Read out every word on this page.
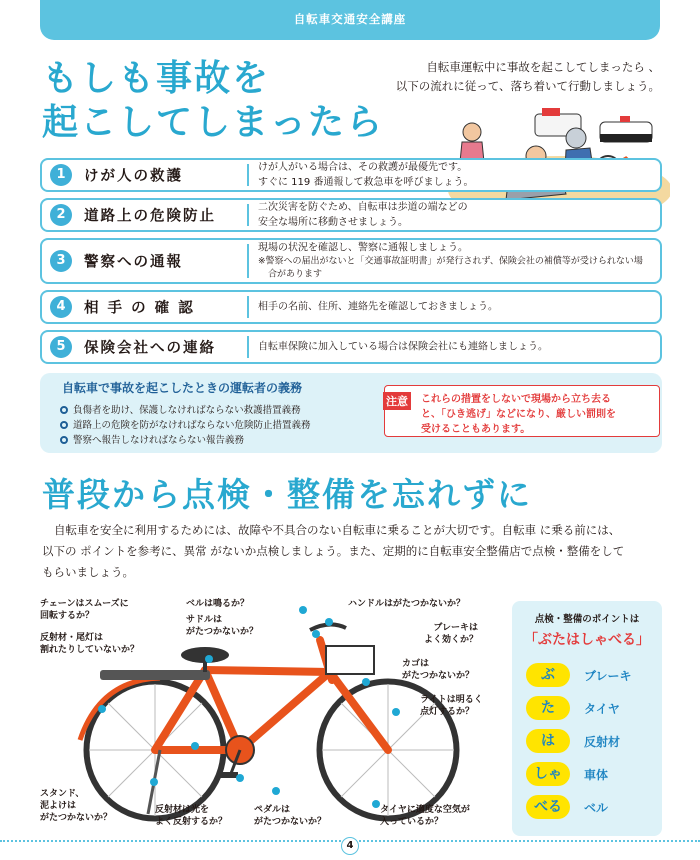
自転車交通安全講座
もしも事故を
起こしてしまったら
自転車運転中に事故を起こしてしまったら 、
以下の流れに従って、落ち着いて行動しましょう。
1	けが人の救護
けが人がいる場合は、その救護が最優先です。
すぐに 119 番通報して救急車を呼びましょう。
2	道路上の危険防止
二次災害を防ぐため、自転車は歩道の端などの
安全な場所に移動させましょう。
3	警察への通報
現場の状況を確認し、警察に通報しましょう。
※警察への届出がないと「交通事故証明書」が発行されず、保険会社の補償等が受けられない場
合があります
4	相 手 の 確 認	相手の名前、住所、連絡先を確認しておきましょう。
5	保険会社への連絡	自転車保険に加入している場合は保険会社にも連絡しましょう。
自転車で事故を起こしたときの運転者の義務
負傷者を助け、保護しなければならない救護措置義務
道路上の危険を防がなければならない危険防止措置義務
警察へ報告しなければならない報告義務
注意	これらの措置をしないで現場から立ち去る
と、「ひき逃げ」などになり、厳しい罰則を
受けることもあります。
普段から点検・整備を忘れずに
自転車を安全に利用するためには、故障や不具合のない自転車に乗ることが大切です。自転車 に乗る前には、
以下の ポイントを参考に、異常 がないか点検しましょう。また、定期的に自転車安全整備店で点検・整備をして
もらいましょう。
チェーンはスムーズに
回転するか？
反射材・尾灯は
割れたりしていないか？
ベルは鳴るか？
サドルは
がたつかないか？
ハンドルはがたつかないか？
ブレーキは
よく効くか？
カゴは
がたつかないか？
ライトは明るく
点灯するか？
スタンド、
泥よけは
がたつかないか？
反射材は光を
よく反射するか？
ペダルは
がたつかないか？
タイヤに適度な空気が
入っているか？
点検・整備のポイントは
「ぶたはしゃべる」
ぶ	ブレーキ
た	タイヤ
は	反射材
しゃ	車体
べる	ベル
4
